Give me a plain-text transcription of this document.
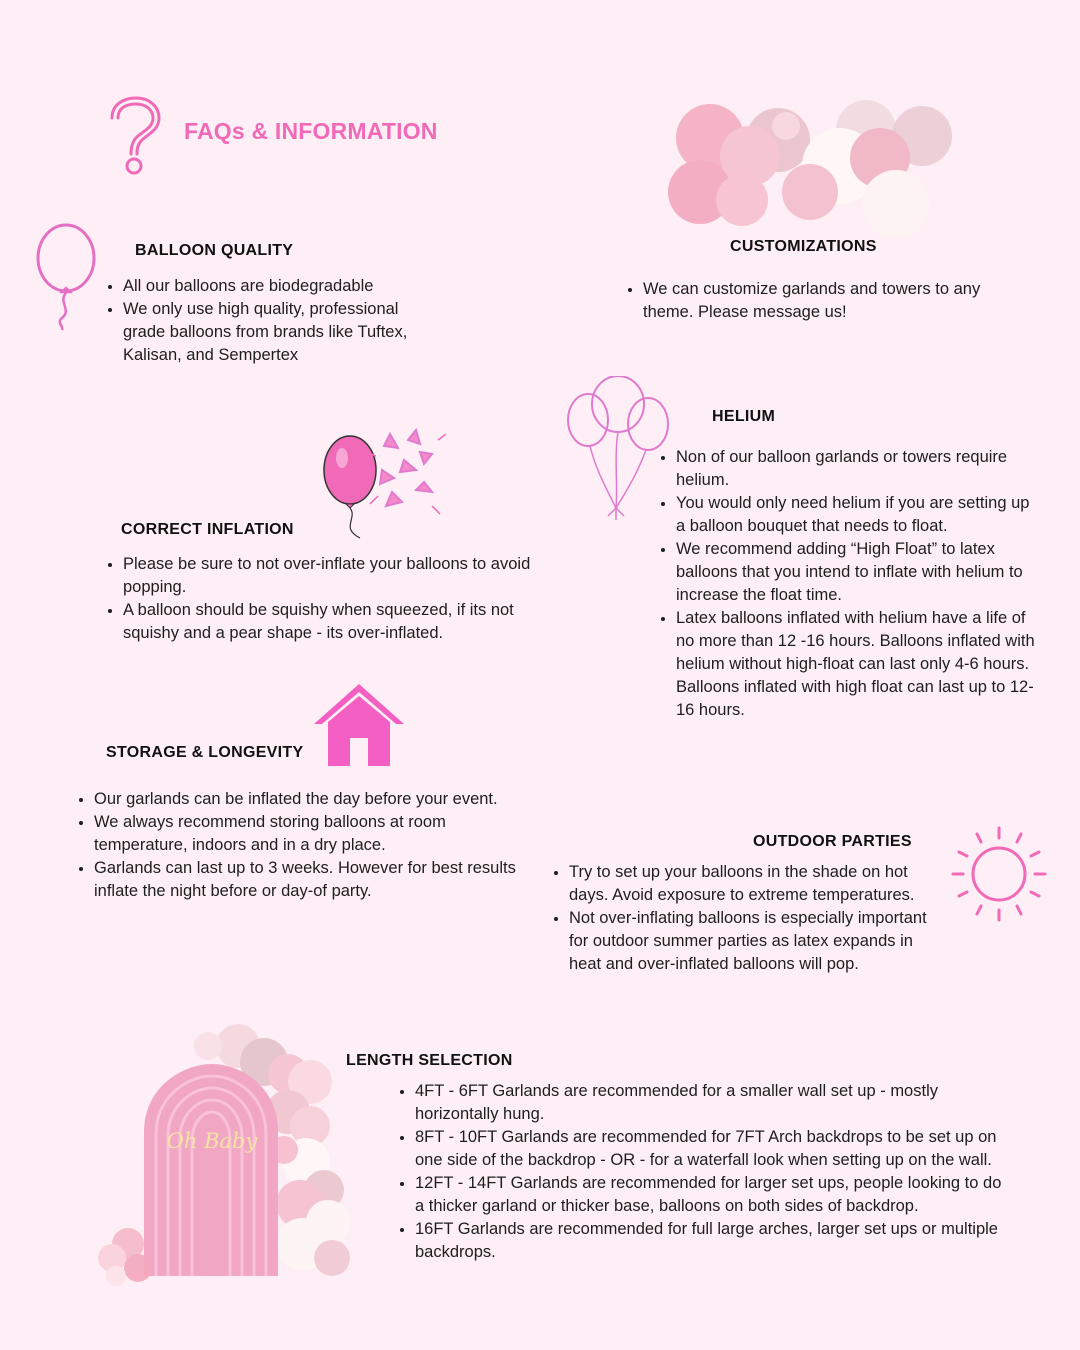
FAQs & INFORMATION
BALLOON QUALITY
• All our balloons are biodegradable
• We only use high quality, professional grade balloons from brands like Tuftex, Kalisan, and Sempertex
CUSTOMIZATIONS
• We can customize garlands and towers to any theme. Please message us!
HELIUM
• Non of our balloon garlands or towers require helium.
• You would only need helium if you are setting up a balloon bouquet that needs to float.
• We recommend adding “High Float” to latex balloons that you intend to inflate with helium to increase the float time.
• Latex balloons inflated with helium have a life of no more than 12 -16 hours. Balloons inflated with helium without high-float can last only 4-6 hours. Balloons inflated with high float can last up to 12-16 hours.
CORRECT INFLATION
• Please be sure to not over-inflate your balloons to avoid popping.
• A balloon should be squishy when squeezed, if its not squishy and a pear shape - its over-inflated.
STORAGE & LONGEVITY
• Our garlands can be inflated the day before your event.
• We always recommend storing balloons at room temperature, indoors and in a dry place.
• Garlands can last up to 3 weeks. However for best results inflate the night before or day-of party.
OUTDOOR PARTIES
• Try to set up your balloons in the shade on hot days. Avoid exposure to extreme temperatures.
• Not over-inflating balloons is especially important for outdoor summer parties as latex expands in heat and over-inflated balloons will pop.
Oh Baby
LENGTH SELECTION
• 4FT - 6FT Garlands are recommended for a smaller wall set up - mostly horizontally hung.
• 8FT - 10FT Garlands are recommended for 7FT Arch backdrops to be set up on one side of the backdrop - OR - for a waterfall look when setting up on the wall.
• 12FT - 14FT Garlands are recommended for larger set ups, people looking to do a thicker garland or thicker base, balloons on both sides of backdrop.
• 16FT Garlands are recommended for full large arches, larger set ups or multiple backdrops.
